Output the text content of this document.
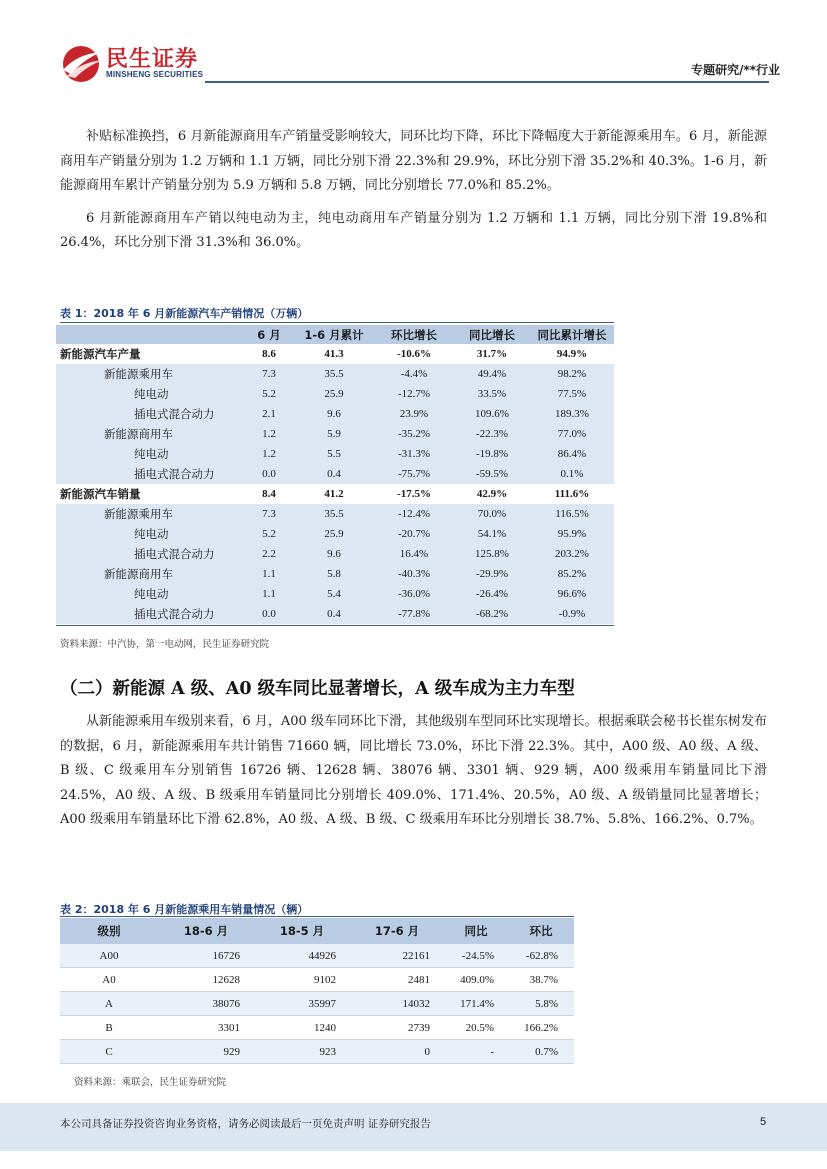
民生证券
MINSHENG SECURITIES	专题研究/**行业

补贴标准换挡，6 月新能源商用车产销量受影响较大，同环比均下降，环比下降幅度大于新能源乘用车。6 月，新能源商用车产销量分别为 1.2 万辆和 1.1 万辆，同比分别下滑 22.3%和 29.9%，环比分别下滑 35.2%和 40.3%。1-6 月，新能源商用车累计产销量分别为 5.9 万辆和 5.8 万辆，同比分别增长 77.0%和 85.2%。

6 月新能源商用车产销以纯电动为主，纯电动商用车产销量分别为 1.2 万辆和 1.1 万辆，同比分别下滑 19.8%和 26.4%，环比分别下滑 31.3%和 36.0%。

表 1：2018 年 6 月新能源汽车产销情况（万辆）
	6 月	1-6 月累计	环比增长	同比增长	同比累计增长
新能源汽车产量	8.6	41.3	-10.6%	31.7%	94.9%
新能源乘用车	7.3	35.5	-4.4%	49.4%	98.2%
纯电动	5.2	25.9	-12.7%	33.5%	77.5%
插电式混合动力	2.1	9.6	23.9%	109.6%	189.3%
新能源商用车	1.2	5.9	-35.2%	-22.3%	77.0%
纯电动	1.2	5.5	-31.3%	-19.8%	86.4%
插电式混合动力	0.0	0.4	-75.7%	-59.5%	0.1%
新能源汽车销量	8.4	41.2	-17.5%	42.9%	111.6%
新能源乘用车	7.3	35.5	-12.4%	70.0%	116.5%
纯电动	5.2	25.9	-20.7%	54.1%	95.9%
插电式混合动力	2.2	9.6	16.4%	125.8%	203.2%
新能源商用车	1.1	5.8	-40.3%	-29.9%	85.2%
纯电动	1.1	5.4	-36.0%	-26.4%	96.6%
插电式混合动力	0.0	0.4	-77.8%	-68.2%	-0.9%
资料来源：中汽协，第一电动网，民生证券研究院
（二）新能源 A 级、A0 级车同比显著增长，A 级车成为主力车型

从新能源乘用车级别来看，6 月，A00 级车同环比下滑，其他级别车型同环比实现增长。根据乘联会秘书长崔东树发布的数据，6 月，新能源乘用车共计销售 71660 辆，同比增长 73.0%，环比下滑 22.3%。其中，A00 级、A0 级、A 级、B 级、C 级乘用车分别销售 16726 辆、12628 辆、38076 辆、3301 辆、929 辆，A00 级乘用车销量同比下滑 24.5%，A0 级、A 级、B 级乘用车销量同比分别增长 409.0%、171.4%、20.5%，A0 级、A 级销量同比显著增长；A00 级乘用车销量环比下滑 62.8%，A0 级、A 级、B 级、C 级乘用车环比分别增长 38.7%、5.8%、166.2%、0.7%。

表 2：2018 年 6 月新能源乘用车销量情况（辆）
级别	18-6 月	18-5 月	17-6 月	同比	环比
A00	16726	44926	22161	-24.5%	-62.8%
A0	12628	9102	2481	409.0%	38.7%
A	38076	35997	14032	171.4%	5.8%
B	3301	1240	2739	20.5%	166.2%
C	929	923	0	-	0.7%
资料来源：乘联会，民生证券研究院
本公司具备证券投资咨询业务资格，请务必阅读最后一页免责声明 证券研究报告	5
